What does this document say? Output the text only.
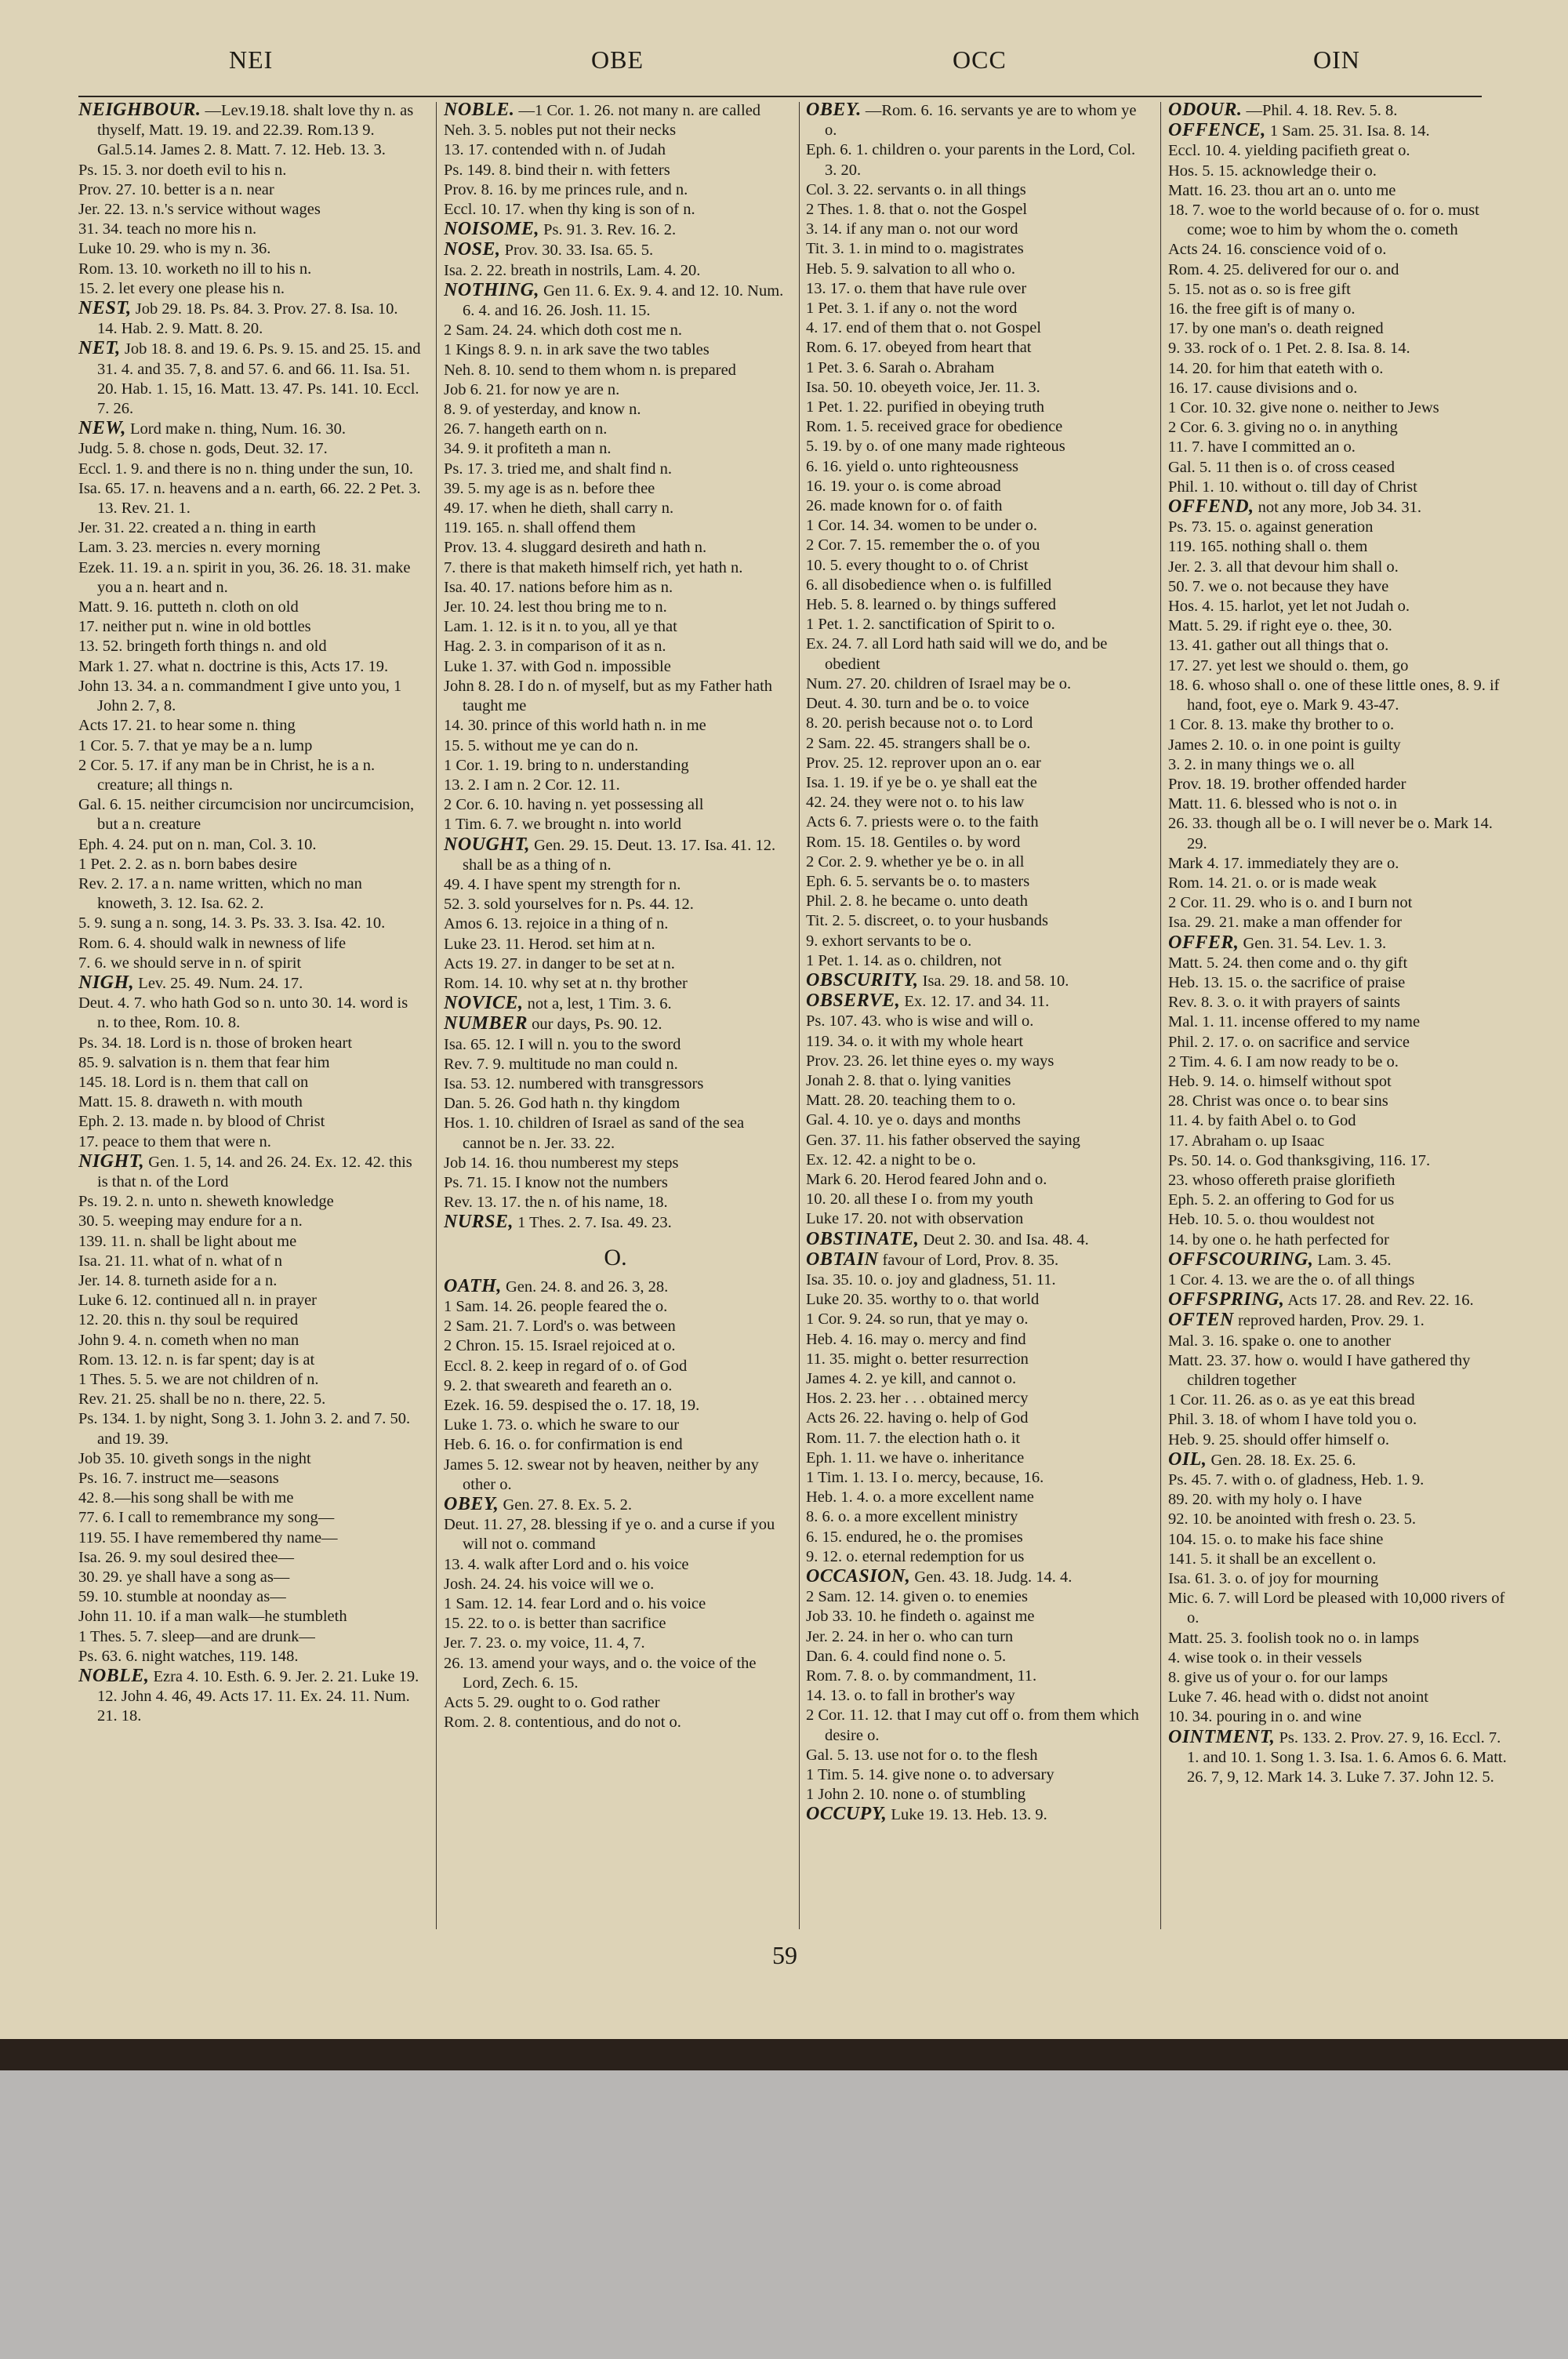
NEI	OBE	OCC	OIN

NEIGHBOUR. —Lev.19.18. shalt love thy n. as thyself, Matt. 19. 19. and 22.39. Rom.13 9. Gal.5.14. James 2. 8. Matt. 7. 12. Heb. 13. 3.

Ps. 15. 3. nor doeth evil to his n.

Prov. 27. 10. better is a n. near

Jer. 22. 13. n.'s service without wages

31. 34. teach no more his n.

Luke 10. 29. who is my n. 36.

Rom. 13. 10. worketh no ill to his n.

15. 2. let every one please his n.

NEST, Job 29. 18. Ps. 84. 3. Prov. 27. 8. Isa. 10. 14. Hab. 2. 9. Matt. 8. 20.

NET, Job 18. 8. and 19. 6. Ps. 9. 15. and 25. 15. and 31. 4. and 35. 7, 8. and 57. 6. and 66. 11. Isa. 51. 20. Hab. 1. 15, 16. Matt. 13. 47. Ps. 141. 10. Eccl. 7. 26.

NEW, Lord make n. thing, Num. 16. 30.

Judg. 5. 8. chose n. gods, Deut. 32. 17.

Eccl. 1. 9. and there is no n. thing under the sun, 10.

Isa. 65. 17. n. heavens and a n. earth, 66. 22. 2 Pet. 3. 13. Rev. 21. 1.

Jer. 31. 22. created a n. thing in earth

Lam. 3. 23. mercies n. every morning

Ezek. 11. 19. a n. spirit in you, 36. 26. 18. 31. make you a n. heart and n.

Matt. 9. 16. putteth n. cloth on old

17. neither put n. wine in old bottles

13. 52. bringeth forth things n. and old

Mark 1. 27. what n. doctrine is this, Acts 17. 19.

John 13. 34. a n. commandment I give unto you, 1 John 2. 7, 8.

Acts 17. 21. to hear some n. thing

1 Cor. 5. 7. that ye may be a n. lump

2 Cor. 5. 17. if any man be in Christ, he is a n. creature; all things n.

Gal. 6. 15. neither circumcision nor uncircumcision, but a n. creature

Eph. 4. 24. put on n. man, Col. 3. 10.

1 Pet. 2. 2. as n. born babes desire

Rev. 2. 17. a n. name written, which no man knoweth, 3. 12. Isa. 62. 2.

5. 9. sung a n. song, 14. 3. Ps. 33. 3. Isa. 42. 10.

Rom. 6. 4. should walk in newness of life

7. 6. we should serve in n. of spirit

NIGH, Lev. 25. 49. Num. 24. 17.

Deut. 4. 7. who hath God so n. unto 30. 14. word is n. to thee, Rom. 10. 8.

Ps. 34. 18. Lord is n. those of broken heart

85. 9. salvation is n. them that fear him

145. 18. Lord is n. them that call on

Matt. 15. 8. draweth n. with mouth

Eph. 2. 13. made n. by blood of Christ

17. peace to them that were n.

NIGHT, Gen. 1. 5, 14. and 26. 24. Ex. 12. 42. this is that n. of the Lord

Ps. 19. 2. n. unto n. sheweth knowledge

30. 5. weeping may endure for a n.

139. 11. n. shall be light about me

Isa. 21. 11. what of n. what of n

Jer. 14. 8. turneth aside for a n.

Luke 6. 12. continued all n. in prayer

12. 20. this n. thy soul be required

John 9. 4. n. cometh when no man

Rom. 13. 12. n. is far spent; day is at

1 Thes. 5. 5. we are not children of n.

Rev. 21. 25. shall be no n. there, 22. 5.

Ps. 134. 1. by night, Song 3. 1. John 3. 2. and 7. 50. and 19. 39.

Job 35. 10. giveth songs in the night

Ps. 16. 7. instruct me—seasons

42. 8.—his song shall be with me

77. 6. I call to remembrance my song—

119. 55. I have remembered thy name—

Isa. 26. 9. my soul desired thee—

30. 29. ye shall have a song as—

59. 10. stumble at noonday as—

John 11. 10. if a man walk—he stumbleth

1 Thes. 5. 7. sleep—and are drunk—

Ps. 63. 6. night watches, 119. 148.

NOBLE, Ezra 4. 10. Esth. 6. 9. Jer. 2. 21. Luke 19. 12. John 4. 46, 49. Acts 17. 11. Ex. 24. 11. Num. 21. 18.

NOBLE. —1 Cor. 1. 26. not many n. are called

Neh. 3. 5. nobles put not their necks

13. 17. contended with n. of Judah

Ps. 149. 8. bind their n. with fetters

Prov. 8. 16. by me princes rule, and n.

Eccl. 10. 17. when thy king is son of n.

NOISOME, Ps. 91. 3. Rev. 16. 2.

NOSE, Prov. 30. 33. Isa. 65. 5.

Isa. 2. 22. breath in nostrils, Lam. 4. 20.

NOTHING, Gen 11. 6. Ex. 9. 4. and 12. 10. Num. 6. 4. and 16. 26. Josh. 11. 15.

2 Sam. 24. 24. which doth cost me n.

1 Kings 8. 9. n. in ark save the two tables

Neh. 8. 10. send to them whom n. is prepared

Job 6. 21. for now ye are n.

8. 9. of yesterday, and know n.

26. 7. hangeth earth on n.

34. 9. it profiteth a man n.

Ps. 17. 3. tried me, and shalt find n.

39. 5. my age is as n. before thee

49. 17. when he dieth, shall carry n.

119. 165. n. shall offend them

Prov. 13. 4. sluggard desireth and hath n.

7. there is that maketh himself rich, yet hath n.

Isa. 40. 17. nations before him as n.

Jer. 10. 24. lest thou bring me to n.

Lam. 1. 12. is it n. to you, all ye that

Hag. 2. 3. in comparison of it as n.

Luke 1. 37. with God n. impossible

John 8. 28. I do n. of myself, but as my Father hath taught me

14. 30. prince of this world hath n. in me

15. 5. without me ye can do n.

1 Cor. 1. 19. bring to n. understanding

13. 2. I am n. 2 Cor. 12. 11.

2 Cor. 6. 10. having n. yet possessing all

1 Tim. 6. 7. we brought n. into world

NOUGHT, Gen. 29. 15. Deut. 13. 17. Isa. 41. 12. shall be as a thing of n.

49. 4. I have spent my strength for n.

52. 3. sold yourselves for n. Ps. 44. 12.

Amos 6. 13. rejoice in a thing of n.

Luke 23. 11. Herod. set him at n.

Acts 19. 27. in danger to be set at n.

Rom. 14. 10. why set at n. thy brother

NOVICE, not a, lest, 1 Tim. 3. 6.

NUMBER our days, Ps. 90. 12.

Isa. 65. 12. I will n. you to the sword

Rev. 7. 9. multitude no man could n.

Isa. 53. 12. numbered with transgressors

Dan. 5. 26. God hath n. thy kingdom

Hos. 1. 10. children of Israel as sand of the sea cannot be n. Jer. 33. 22.

Job 14. 16. thou numberest my steps

Ps. 71. 15. I know not the numbers

Rev. 13. 17. the n. of his name, 18.

NURSE, 1 Thes. 2. 7. Isa. 49. 23.

O.

OATH, Gen. 24. 8. and 26. 3, 28.

1 Sam. 14. 26. people feared the o.

2 Sam. 21. 7. Lord's o. was between

2 Chron. 15. 15. Israel rejoiced at o.

Eccl. 8. 2. keep in regard of o. of God

9. 2. that sweareth and feareth an o.

Ezek. 16. 59. despised the o. 17. 18, 19.

Luke 1. 73. o. which he sware to our

Heb. 6. 16. o. for confirmation is end

James 5. 12. swear not by heaven, neither by any other o.

OBEY, Gen. 27. 8. Ex. 5. 2.

Deut. 11. 27, 28. blessing if ye o. and a curse if you will not o. command

13. 4. walk after Lord and o. his voice

Josh. 24. 24. his voice will we o.

1 Sam. 12. 14. fear Lord and o. his voice

15. 22. to o. is better than sacrifice

Jer. 7. 23. o. my voice, 11. 4, 7.

26. 13. amend your ways, and o. the voice of the Lord, Zech. 6. 15.

Acts 5. 29. ought to o. God rather

Rom. 2. 8. contentious, and do not o.

OBEY. —Rom. 6. 16. servants ye are to whom ye o.

Eph. 6. 1. children o. your parents in the Lord, Col. 3. 20.

Col. 3. 22. servants o. in all things

2 Thes. 1. 8. that o. not the Gospel

3. 14. if any man o. not our word

Tit. 3. 1. in mind to o. magistrates

Heb. 5. 9. salvation to all who o.

13. 17. o. them that have rule over

1 Pet. 3. 1. if any o. not the word

4. 17. end of them that o. not Gospel

Rom. 6. 17. obeyed from heart that

1 Pet. 3. 6. Sarah o. Abraham

Isa. 50. 10. obeyeth voice, Jer. 11. 3.

1 Pet. 1. 22. purified in obeying truth

Rom. 1. 5. received grace for obedience

5. 19. by o. of one many made righteous

6. 16. yield o. unto righteousness

16. 19. your o. is come abroad

26. made known for o. of faith

1 Cor. 14. 34. women to be under o.

2 Cor. 7. 15. remember the o. of you

10. 5. every thought to o. of Christ

6. all disobedience when o. is fulfilled

Heb. 5. 8. learned o. by things suffered

1 Pet. 1. 2. sanctification of Spirit to o.

Ex. 24. 7. all Lord hath said will we do, and be obedient

Num. 27. 20. children of Israel may be o.

Deut. 4. 30. turn and be o. to voice

8. 20. perish because not o. to Lord

2 Sam. 22. 45. strangers shall be o.

Prov. 25. 12. reprover upon an o. ear

Isa. 1. 19. if ye be o. ye shall eat the

42. 24. they were not o. to his law

Acts 6. 7. priests were o. to the faith

Rom. 15. 18. Gentiles o. by word

2 Cor. 2. 9. whether ye be o. in all

Eph. 6. 5. servants be o. to masters

Phil. 2. 8. he became o. unto death

Tit. 2. 5. discreet, o. to your husbands

9. exhort servants to be o.

1 Pet. 1. 14. as o. children, not

OBSCURITY, Isa. 29. 18. and 58. 10.

OBSERVE, Ex. 12. 17. and 34. 11.

Ps. 107. 43. who is wise and will o.

119. 34. o. it with my whole heart

Prov. 23. 26. let thine eyes o. my ways

Jonah 2. 8. that o. lying vanities

Matt. 28. 20. teaching them to o.

Gal. 4. 10. ye o. days and months

Gen. 37. 11. his father observed the saying

Ex. 12. 42. a night to be o.

Mark 6. 20. Herod feared John and o.

10. 20. all these I o. from my youth

Luke 17. 20. not with observation

OBSTINATE, Deut 2. 30. and Isa. 48. 4.

OBTAIN favour of Lord, Prov. 8. 35.

Isa. 35. 10. o. joy and gladness, 51. 11.

Luke 20. 35. worthy to o. that world

1 Cor. 9. 24. so run, that ye may o.

Heb. 4. 16. may o. mercy and find

11. 35. might o. better resurrection

James 4. 2. ye kill, and cannot o.

Hos. 2. 23. her . . . obtained mercy

Acts 26. 22. having o. help of God

Rom. 11. 7. the election hath o. it

Eph. 1. 11. we have o. inheritance

1 Tim. 1. 13. I o. mercy, because, 16.

Heb. 1. 4. o. a more excellent name

8. 6. o. a more excellent ministry

6. 15. endured, he o. the promises

9. 12. o. eternal redemption for us

OCCASION, Gen. 43. 18. Judg. 14. 4.

2 Sam. 12. 14. given o. to enemies

Job 33. 10. he findeth o. against me

Jer. 2. 24. in her o. who can turn

Dan. 6. 4. could find none o. 5.

Rom. 7. 8. o. by commandment, 11.

14. 13. o. to fall in brother's way

2 Cor. 11. 12. that I may cut off o. from them which desire o.

Gal. 5. 13. use not for o. to the flesh

1 Tim. 5. 14. give none o. to adversary

1 John 2. 10. none o. of stumbling

OCCUPY, Luke 19. 13. Heb. 13. 9.

ODOUR. —Phil. 4. 18. Rev. 5. 8.

OFFENCE, 1 Sam. 25. 31. Isa. 8. 14.

Eccl. 10. 4. yielding pacifieth great o.

Hos. 5. 15. acknowledge their o.

Matt. 16. 23. thou art an o. unto me

18. 7. woe to the world because of o. for o. must come; woe to him by whom the o. cometh

Acts 24. 16. conscience void of o.

Rom. 4. 25. delivered for our o. and

5. 15. not as o. so is free gift

16. the free gift is of many o.

17. by one man's o. death reigned

9. 33. rock of o. 1 Pet. 2. 8. Isa. 8. 14.

14. 20. for him that eateth with o.

16. 17. cause divisions and o.

1 Cor. 10. 32. give none o. neither to Jews

2 Cor. 6. 3. giving no o. in anything

11. 7. have I committed an o.

Gal. 5. 11 then is o. of cross ceased

Phil. 1. 10. without o. till day of Christ

OFFEND, not any more, Job 34. 31.

Ps. 73. 15. o. against generation

119. 165. nothing shall o. them

Jer. 2. 3. all that devour him shall o.

50. 7. we o. not because they have

Hos. 4. 15. harlot, yet let not Judah o.

Matt. 5. 29. if right eye o. thee, 30.

13. 41. gather out all things that o.

17. 27. yet lest we should o. them, go

18. 6. whoso shall o. one of these little ones, 8. 9. if hand, foot, eye o. Mark 9. 43-47.

1 Cor. 8. 13. make thy brother to o.

James 2. 10. o. in one point is guilty

3. 2. in many things we o. all

Prov. 18. 19. brother offended harder

Matt. 11. 6. blessed who is not o. in

26. 33. though all be o. I will never be o. Mark 14. 29.

Mark 4. 17. immediately they are o.

Rom. 14. 21. o. or is made weak

2 Cor. 11. 29. who is o. and I burn not

Isa. 29. 21. make a man offender for

OFFER, Gen. 31. 54. Lev. 1. 3.

Matt. 5. 24. then come and o. thy gift

Heb. 13. 15. o. the sacrifice of praise

Rev. 8. 3. o. it with prayers of saints

Mal. 1. 11. incense offered to my name

Phil. 2. 17. o. on sacrifice and service

2 Tim. 4. 6. I am now ready to be o.

Heb. 9. 14. o. himself without spot

28. Christ was once o. to bear sins

11. 4. by faith Abel o. to God

17. Abraham o. up Isaac

Ps. 50. 14. o. God thanksgiving, 116. 17.

23. whoso offereth praise glorifieth

Eph. 5. 2. an offering to God for us

Heb. 10. 5. o. thou wouldest not

14. by one o. he hath perfected for

OFFSCOURING, Lam. 3. 45.

1 Cor. 4. 13. we are the o. of all things

OFFSPRING, Acts 17. 28. and Rev. 22. 16.

OFTEN reproved harden, Prov. 29. 1.

Mal. 3. 16. spake o. one to another

Matt. 23. 37. how o. would I have gathered thy children together

1 Cor. 11. 26. as o. as ye eat this bread

Phil. 3. 18. of whom I have told you o.

Heb. 9. 25. should offer himself o.

OIL, Gen. 28. 18. Ex. 25. 6.

Ps. 45. 7. with o. of gladness, Heb. 1. 9.

89. 20. with my holy o. I have

92. 10. be anointed with fresh o. 23. 5.

104. 15. o. to make his face shine

141. 5. it shall be an excellent o.

Isa. 61. 3. o. of joy for mourning

Mic. 6. 7. will Lord be pleased with 10,000 rivers of o.

Matt. 25. 3. foolish took no o. in lamps

4. wise took o. in their vessels

8. give us of your o. for our lamps

Luke 7. 46. head with o. didst not anoint

10. 34. pouring in o. and wine

OINTMENT, Ps. 133. 2. Prov. 27. 9, 16. Eccl. 7. 1. and 10. 1. Song 1. 3. Isa. 1. 6. Amos 6. 6. Matt. 26. 7, 9, 12. Mark 14. 3. Luke 7. 37. John 12. 5.

59
